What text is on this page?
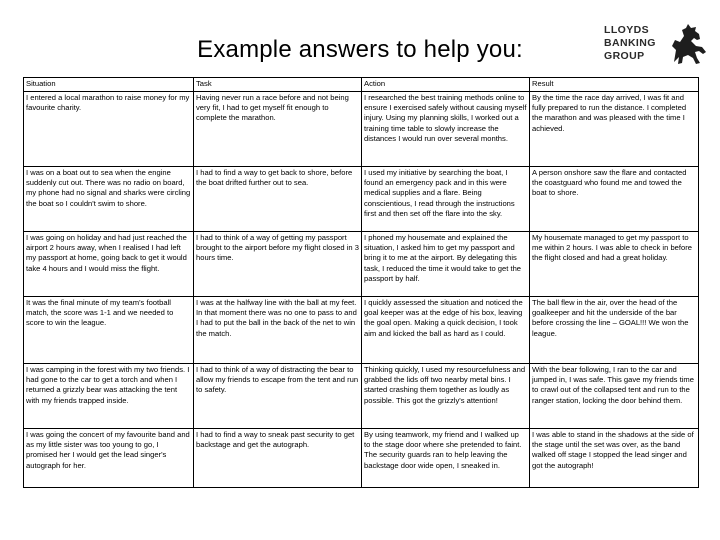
Example answers to help you:
LLOYDS
BANKING
GROUP
Situation	Task	Action	Result
I entered a local marathon to raise money for my favourite charity.	Having never run a race before and not being very fit, I had to get myself fit enough to complete the marathon.	I researched the best training methods online to ensure I exercised safely without causing myself injury. Using my planning skills, I worked out a training time table to slowly increase the distances I would run over several months.	By the time the race day arrived, I was fit and fully prepared to run the distance. I completed the marathon and was pleased with the time I achieved.
I was on a boat out to sea when the engine suddenly cut out. There was no radio on board, my phone had no signal and sharks were circling the boat so I couldn't swim to shore.	I had to find a way to get back to shore, before the boat drifted further out to sea.	I used my initiative by searching the boat, I found an emergency pack and in this were medical supplies and a flare. Being conscientious, I read through the instructions first and then set off the flare into the sky.	A person onshore saw the flare and contacted the coastguard who found me and towed the boat to shore.
I was going on holiday and had just reached the airport 2 hours away, when I realised I had left my passport at home, going back to get it would take 4 hours and I would miss the flight.	I had to think of a way of getting my passport brought to the airport before my flight closed in 3 hours time.	I phoned my housemate and explained the situation, I asked him to get my passport and bring it to me at the airport. By delegating this task, I reduced the time it would take to get the passport by half.	My housemate managed to get my passport to me within 2 hours. I was able to check in before the flight closed and had a great holiday.
It was the final minute of my team's football match, the score was 1-1 and we needed to score to win the league.	I was at the halfway line with the ball at my feet. In that moment there was no one to pass to and I had to put the ball in the back of the net to win the match.	I quickly assessed the situation and noticed the goal keeper was at the edge of his box, leaving the goal open. Making a quick decision, I took aim and kicked the ball as hard as I could.	The ball flew in the air, over the head of the goalkeeper and hit the underside of the bar before crossing the line – GOAL!!! We won the league.
I was camping in the forest with my two friends. I had gone to the car to get a torch and when I returned a grizzly bear was attacking the tent with my friends trapped inside.	I had to think of a way of distracting the bear to allow my friends to escape from the tent and run to safety.	Thinking quickly, I used my resourcefulness and grabbed the lids off two nearby metal bins. I started crashing them together as loudly as possible. This got the grizzly's attention!	With the bear following, I ran to the car and jumped in, I was safe. This gave my friends time to crawl out of the collapsed tent and run to the ranger station, locking the door behind them.
I was going the concert of my favourite band and as my little sister was too young to go, I promised her I would get the lead singer's autograph for her.	I had to find a way to sneak past security to get backstage and get the autograph.	By using teamwork, my friend and I walked up to the stage door where she pretended to faint. The security guards ran to help leaving the backstage door wide open, I sneaked in.	I was able to stand in the shadows at the side of the stage until the set was over, as the band walked off stage I stopped the lead singer and got the autograph!
